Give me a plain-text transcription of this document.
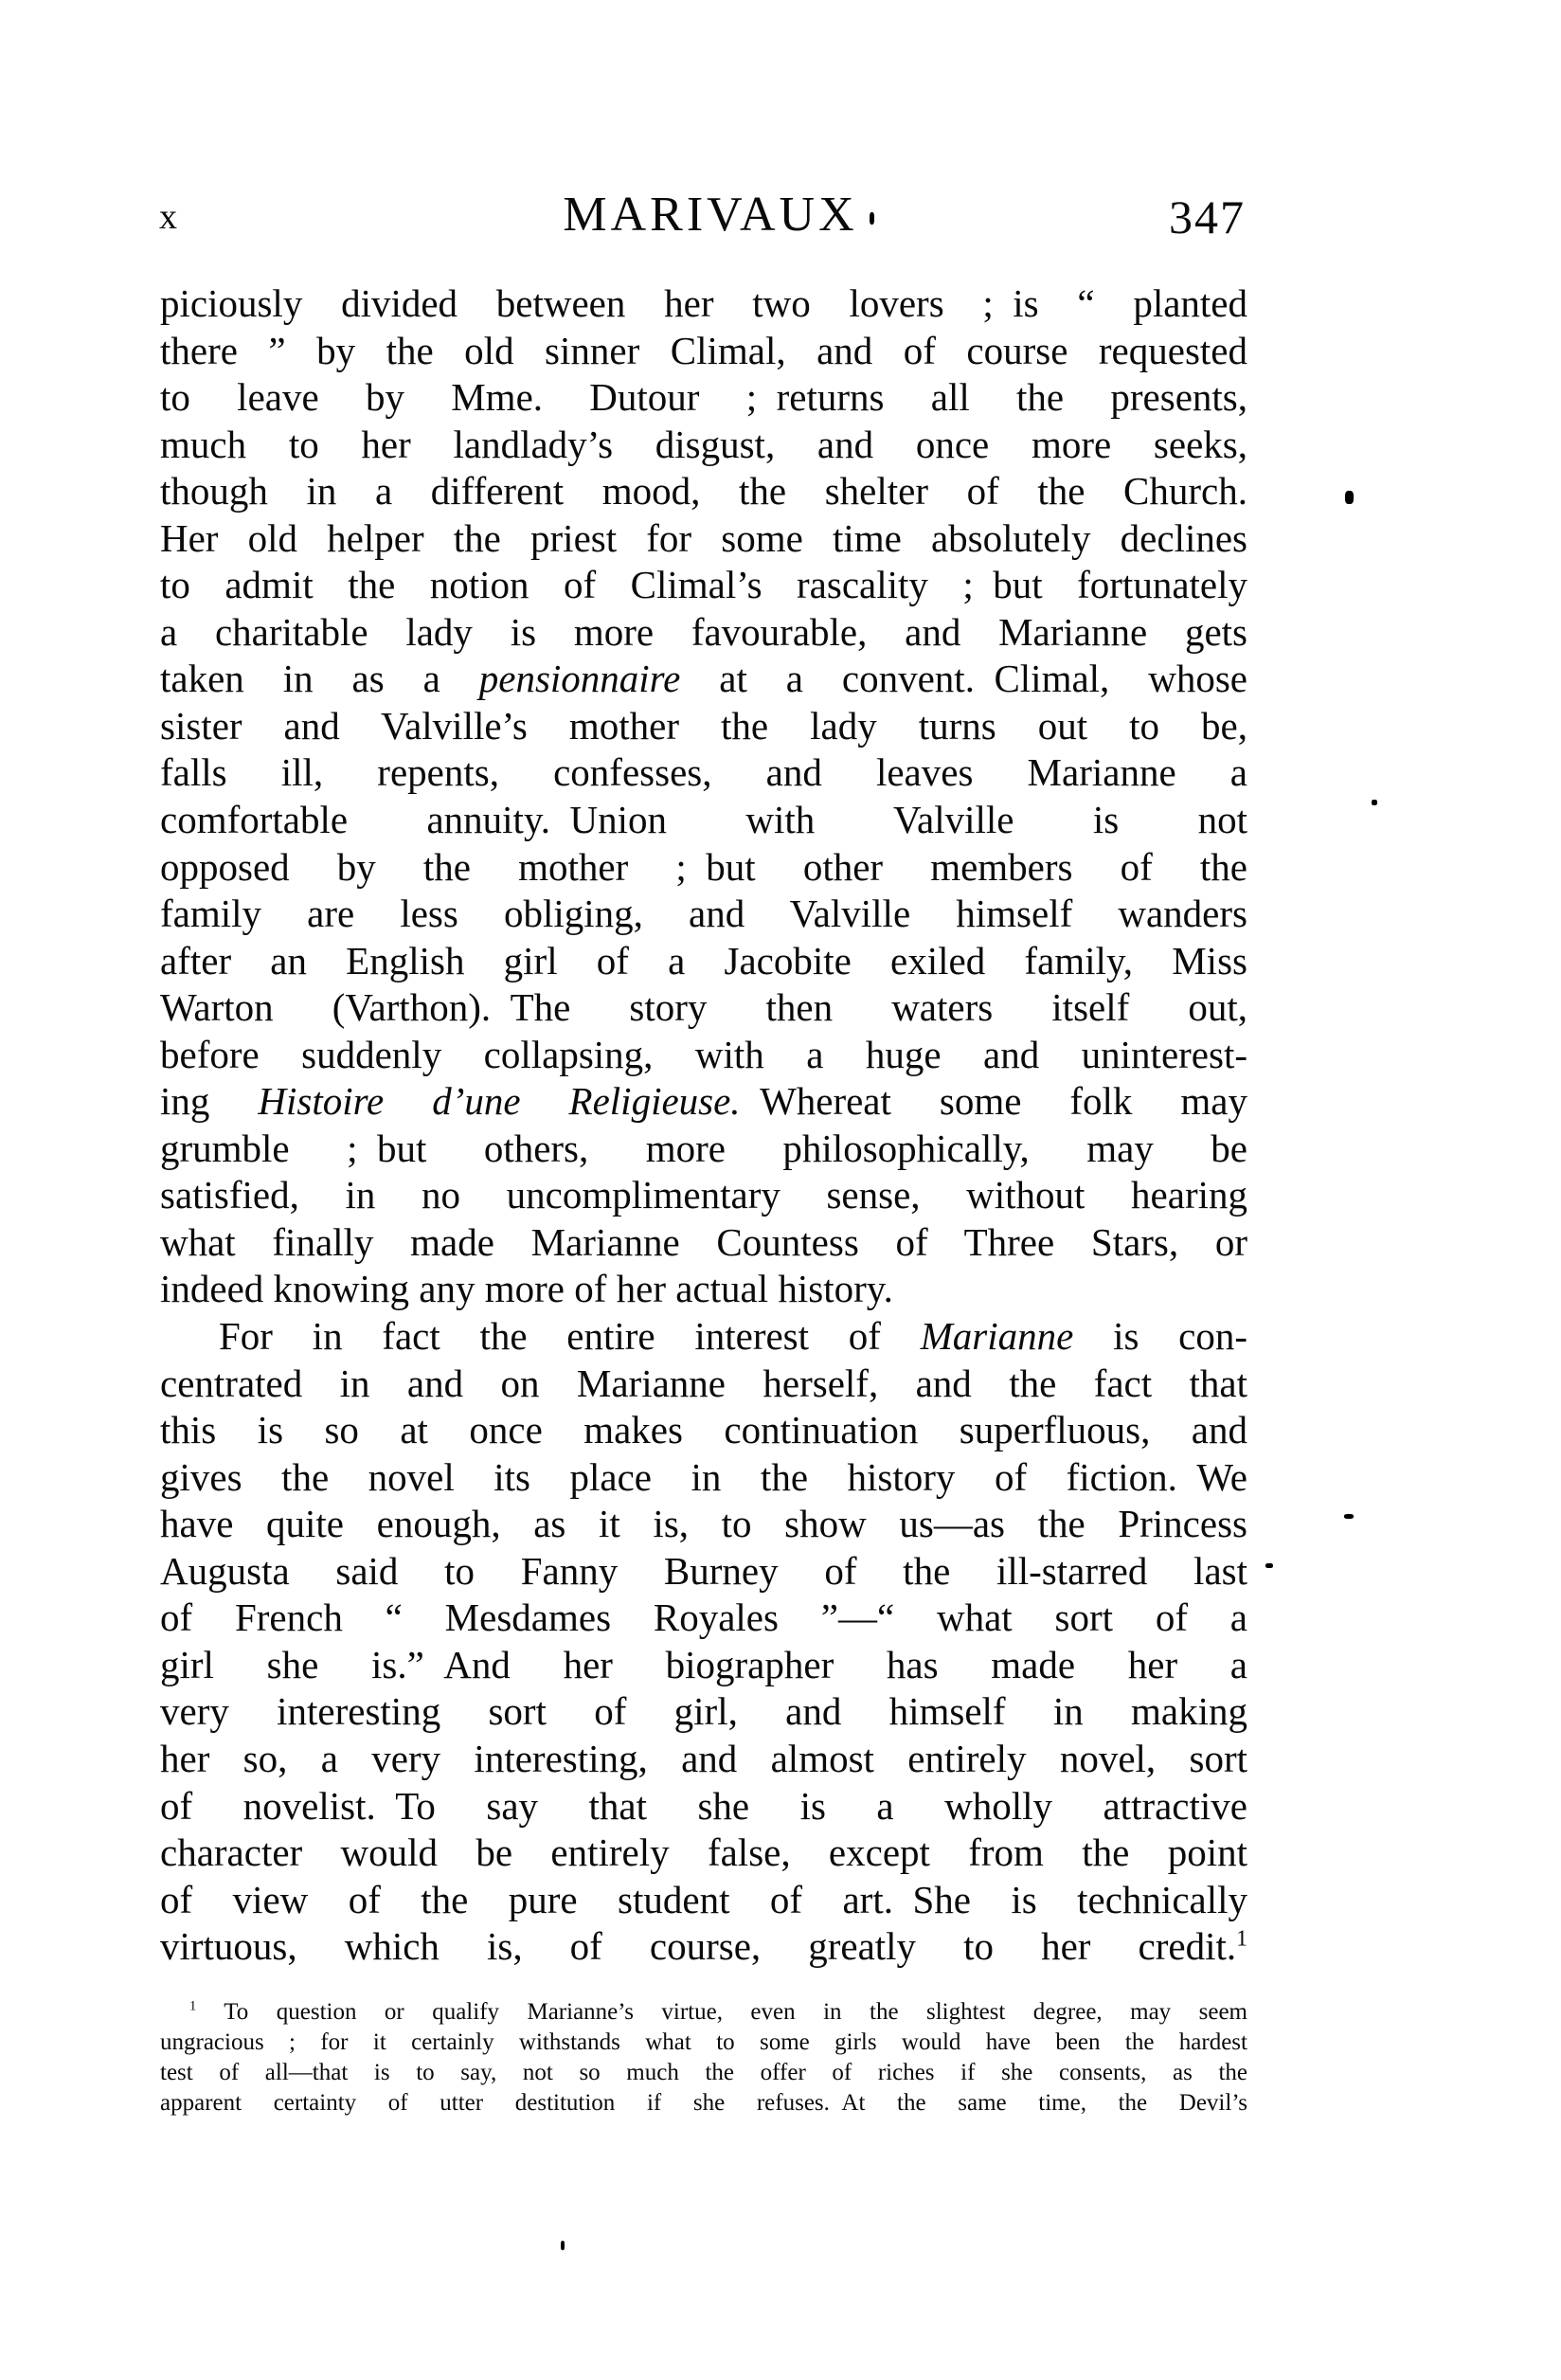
x	MARIVAUX	347
piciously divided between her two lovers ; is “ planted
there ” by the old sinner Climal, and of course requested
to leave by Mme. Dutour ; returns all the presents,
much to her landlady’s disgust, and once more seeks,
though in a different mood, the shelter of the Church.
Her old helper the priest for some time absolutely declines
to admit the notion of Climal’s rascality ; but fortunately
a charitable lady is more favourable, and Marianne gets
taken in as a pensionnaire at a convent. Climal, whose
sister and Valville’s mother the lady turns out to be,
falls ill, repents, confesses, and leaves Marianne a
comfortable annuity. Union with Valville is not
opposed by the mother ; but other members of the
family are less obliging, and Valville himself wanders
after an English girl of a Jacobite exiled family, Miss
Warton (Varthon). The story then waters itself out,
before suddenly collapsing, with a huge and uninterest-
ing Histoire d’une Religieuse. Whereat some folk may
grumble ; but others, more philosophically, may be
satisfied, in no uncomplimentary sense, without hearing
what finally made Marianne Countess of Three Stars, or
indeed knowing any more of her actual history.
For in fact the entire interest of Marianne is con-
centrated in and on Marianne herself, and the fact that
this is so at once makes continuation superfluous, and
gives the novel its place in the history of fiction. We
have quite enough, as it is, to show us—as the Princess
Augusta said to Fanny Burney of the ill-starred last
of French “ Mesdames Royales ”—“ what sort of a
girl she is.” And her biographer has made her a
very interesting sort of girl, and himself in making
her so, a very interesting, and almost entirely novel, sort
of novelist. To say that she is a wholly attractive
character would be entirely false, except from the point
of view of the pure student of art. She is technically
virtuous, which is, of course, greatly to her credit.$^1$
$^1$ To question or qualify Marianne’s virtue, even in the slightest degree, may seem
ungracious ; for it certainly withstands what to some girls would have been the hardest
test of all—that is to say, not so much the offer of riches if she consents, as the
apparent certainty of utter destitution if she refuses. At the same time, the Devil’s
